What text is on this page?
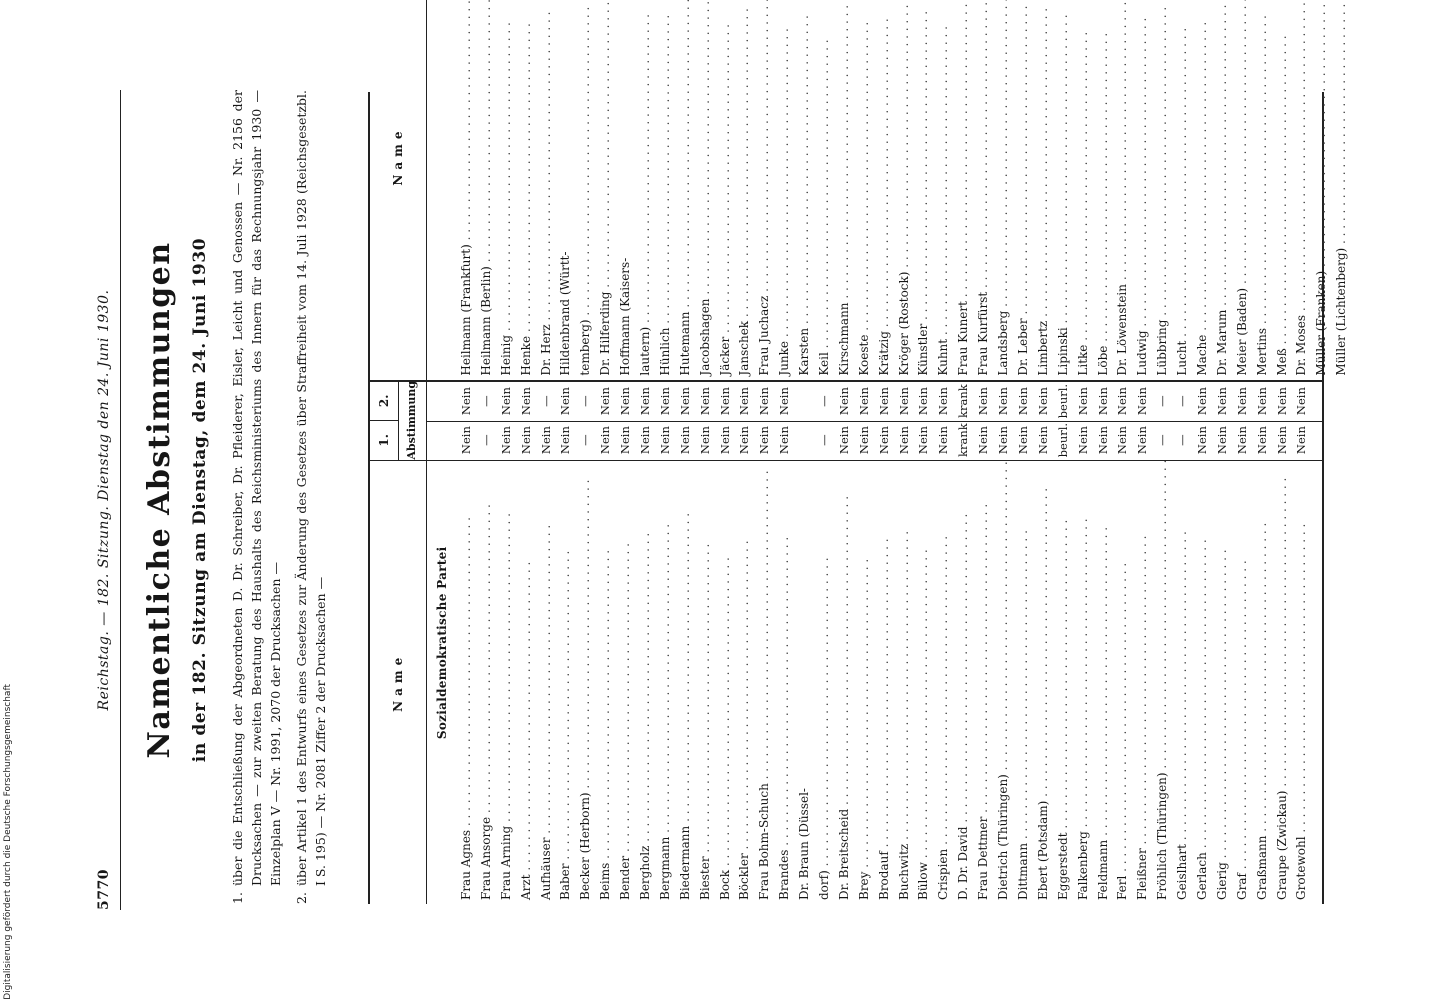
5770
Reichstag. — 182. Sitzung. Dienstag den 24. Juni 1930. Namentliche Abstimmungen in der 182. Sitzung am Dienstag, dem 24. Juni 1930
1.
über die Entschließung der Abgeordneten D. Dr. Schreiber, Dr. Pfleiderer, Eisler, Leicht und Genossen — Nr. 2156 der Drucksachen — zur zweiten Beratung des Haushalts des Reichsministeriums des Innern für das Rechnungsjahr 1930 — Einzelplan V — Nr. 1991, 2070 der Drucksachen —
2.
über Artikel 1 des Entwurfs eines Gesetzes zur Änderung des Gesetzes über Straffreiheit vom 14. Juli 1928 (Reichsgesetzbl. I S. 195) — Nr. 2081 Ziffer 2 der Drucksachen —	Name
1.
2.	Abstimmung
Sozialdemokratische Partei
Frau Agnes . . .
Nein
Nein
Frau Ansorge . . .
—
—
Frau Arning . . .
Nein
Nein
Arzt . . .
Nein
Nein
Aufhäuser . . .
Nein
—
Baber . . .
Nein
Nein
Becker (Herborn) . . .
—
—
Beims . . .
Nein
Nein
Bender . . .
Nein
Nein
Bergholz . . .
Nein
Nein
Bergmann . . .
Nein
Nein
Biedermann . . .
Nein
Nein
Biester . . .
Nein
Nein
Bock . . .
Nein
Nein
Böckler . . .
Nein
Nein
Frau Bohm-Schuch . . .
Nein
Nein
Brandes . . .
Nein
Nein
Dr. Braun (Düssel- dorf) . . .
—
—
Dr. Breitscheid . . .
Nein
Nein
Brey . . .
Nein
Nein
Brodauf . . .
Nein
Nein
Buchwitz . . .
Nein
Nein
Bülow . . .
Nein
Nein
Crispien . . .
Nein
Nein
D. Dr. David . . .
krank
krank
Frau Dettmer . . .
Nein
Nein
Dietrich (Thüringen) . . .
Nein
Nein
Dittmann . . .
Nein
Nein
Ebert (Potsdam) . . .
Nein
Nein
Eggerstedt . . .
beurl.
beurl.
Falkenberg . . .
Nein
Nein
Feldmann . . .
Nein
Nein
Ferl . . .
Nein
Nein
Fleißner . . .
Nein
Nein
Fröhlich (Thüringen) . . .
—
—
Geislhart . . .
—
—
Gerlach . . .
Nein
Nein
Gierig . . .
Nein
Nein
Graf . . .
Nein
Nein
Graßmann . . .
Nein
Nein
Graupe (Zwickau) . . .
Nein
Nein
Grotewohl . . .
Nein
Nein
Name
Heilmann (Frankfurt) . . . Heilmann (Berlin) . . . Heinig . . . Henke . . . Dr. Herz . . . Hildenbrand (Württ- temberg) . . . Dr. Hilferding . . . Hoffmann (Kaisers- lautern) . . . Hünlich . . . Hutemann . . . Jacobshagen . . . Jäcker . . . Janschek . . . Frau Juchacz . . . Junke . . . Karsten . . . Keil . . . Kirschmann . . . Koeste . . . Krätzig . . . Kröger (Rostock) . . . Künstler . . . Kuhnt . . . Frau Kunert . . . Frau Kurfürst . . . Landsberg . . . Dr. Leber . . . Limbertz . . . Lipinski . . . Litke . . . Löbe . . . Dr. Löwenstein . . . Ludwig . . . Lübbring . . . Lucht . . . Mache . . . Dr. Marum . . . Meier (Baden) . . . Mertins . . . Meß . . . Dr. Moses . . . Müller (Franken) . . . Müller (Lichtenberg) . . .
Digitalisierung gefördert durch die Deutsche Forschungsgemeinschaft
